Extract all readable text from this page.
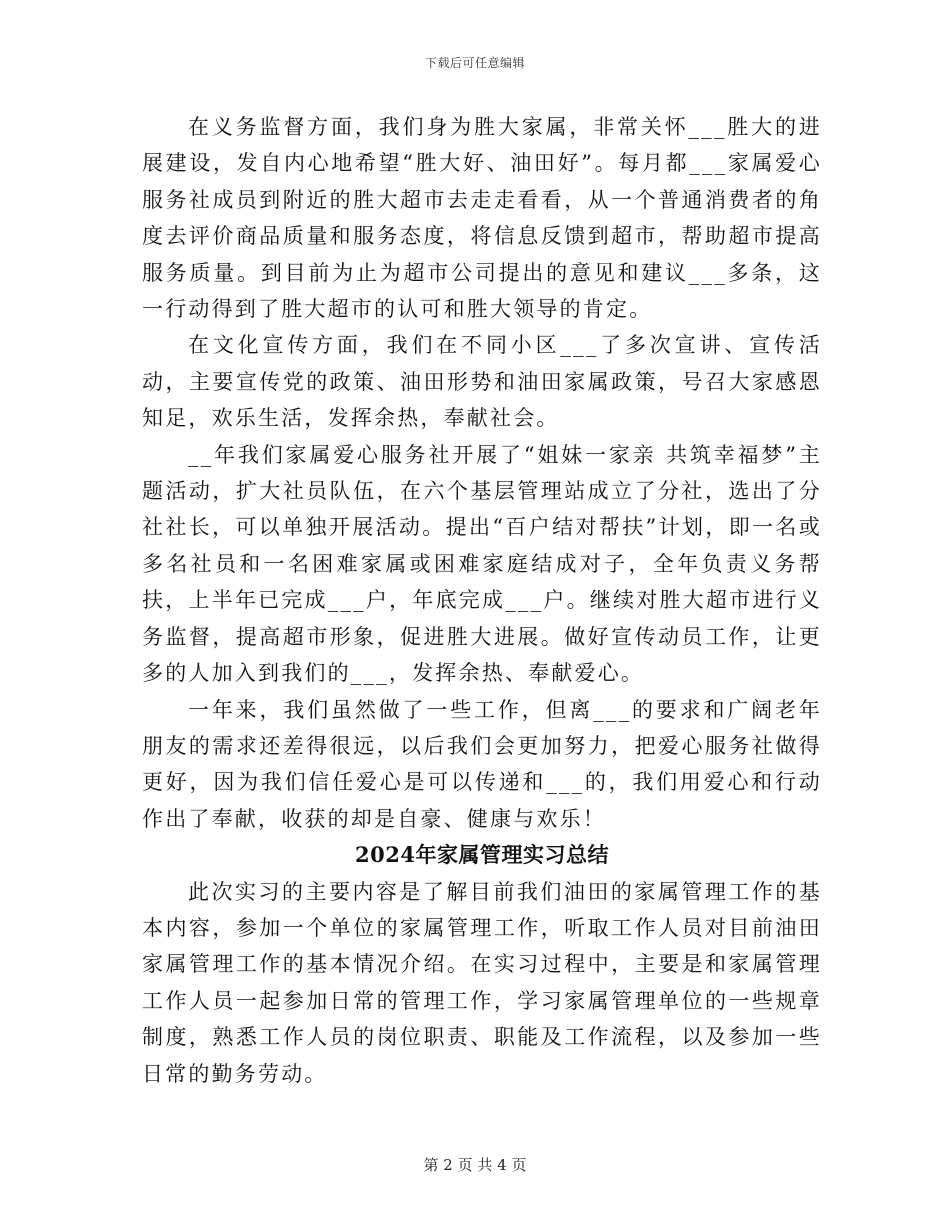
下载后可任意编辑

在义务监督方面，我们身为胜大家属，非常关怀___胜大的进展建设，发自内心地希望“胜大好、油田好”。每月都___家属爱心服务社成员到附近的胜大超市去走走看看，从一个普通消费者的角度去评价商品质量和服务态度，将信息反馈到超市，帮助超市提高服务质量。到目前为止为超市公司提出的意见和建议___多条，这一行动得到了胜大超市的认可和胜大领导的肯定。

在文化宣传方面，我们在不同小区___了多次宣讲、宣传活动，主要宣传党的政策、油田形势和油田家属政策，号召大家感恩知足，欢乐生活，发挥余热，奉献社会。

__年我们家属爱心服务社开展了“姐妹一家亲 共筑幸福梦”主题活动，扩大社员队伍，在六个基层管理站成立了分社，选出了分社社长，可以单独开展活动。提出“百户结对帮扶”计划，即一名或多名社员和一名困难家属或困难家庭结成对子，全年负责义务帮扶，上半年已完成___户，年底完成___户。继续对胜大超市进行义务监督，提高超市形象，促进胜大进展。做好宣传动员工作，让更多的人加入到我们的___，发挥余热、奉献爱心。

一年来，我们虽然做了一些工作，但离___的要求和广阔老年朋友的需求还差得很远，以后我们会更加努力，把爱心服务社做得更好，因为我们信任爱心是可以传递和___的，我们用爱心和行动作出了奉献，收获的却是自豪、健康与欢乐！

2024年家属管理实习总结

此次实习的主要内容是了解目前我们油田的家属管理工作的基本内容，参加一个单位的家属管理工作，听取工作人员对目前油田家属管理工作的基本情况介绍。在实习过程中，主要是和家属管理工作人员一起参加日常的管理工作，学习家属管理单位的一些规章制度，熟悉工作人员的岗位职责、职能及工作流程，以及参加一些日常的勤务劳动。

第 2 页 共 4 页
